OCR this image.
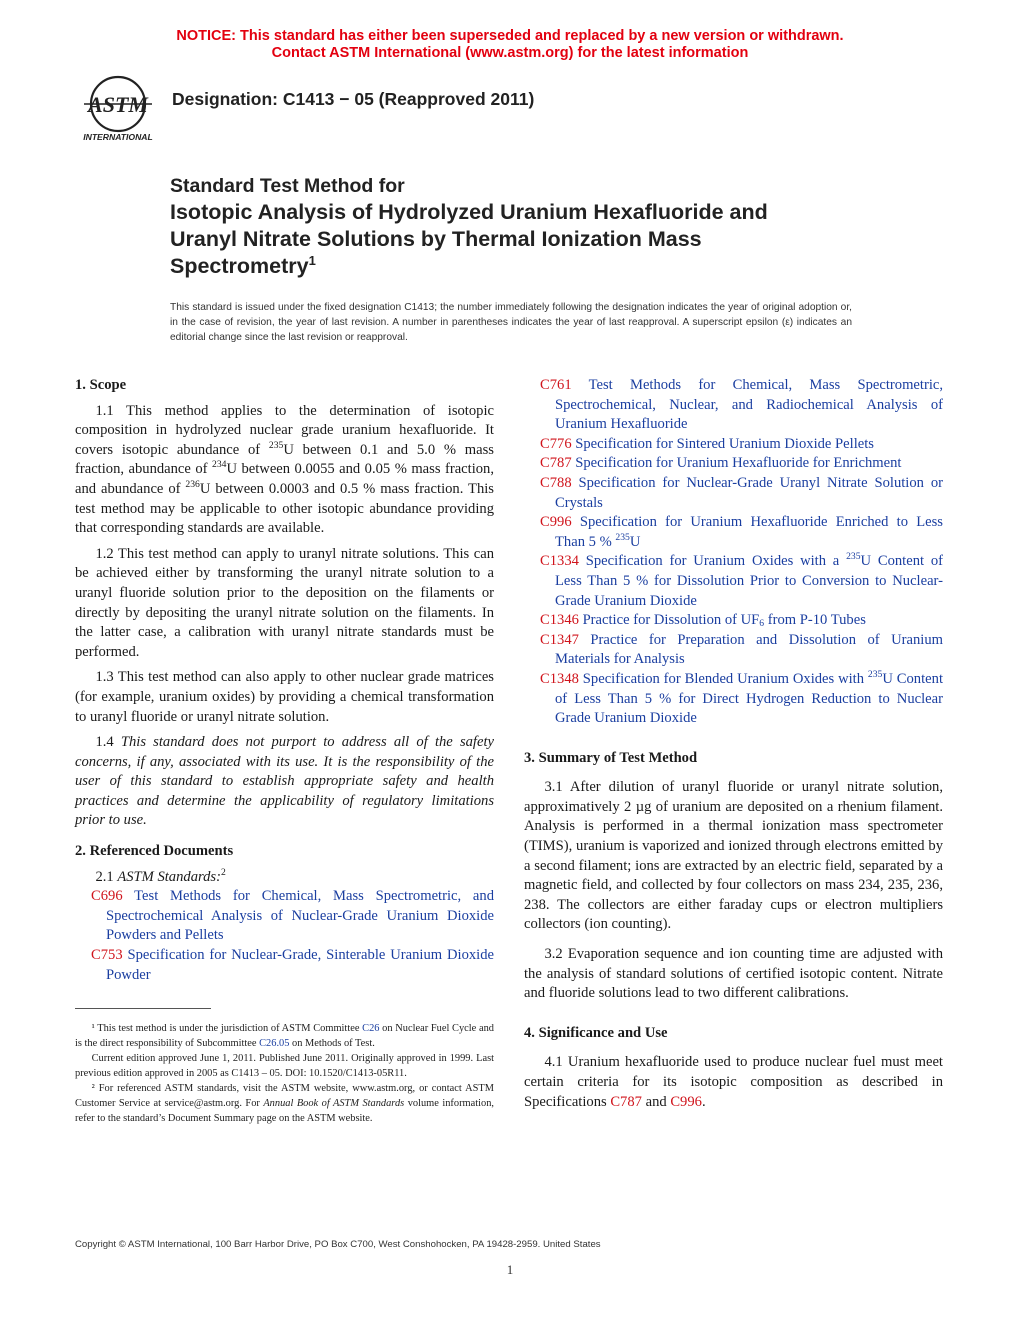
NOTICE: This standard has either been superseded and replaced by a new version or withdrawn.
Contact ASTM International (www.astm.org) for the latest information
ASTM
INTERNATIONAL
Designation: C1413 − 05 (Reapproved 2011)
Standard Test Method for
Isotopic Analysis of Hydrolyzed Uranium Hexafluoride and
Uranyl Nitrate Solutions by Thermal Ionization Mass
Spectrometry$^1$
This standard is issued under the fixed designation C1413; the number immediately following the designation indicates the year of original adoption or, in the case of revision, the year of last revision. A number in parentheses indicates the year of last reapproval. A superscript epsilon (ε) indicates an editorial change since the last revision or reapproval.

1. Scope

1.1 This method applies to the determination of isotopic composition in hydrolyzed nuclear grade uranium hexafluoride. It covers isotopic abundance of $^{235}$U between 0.1 and 5.0 % mass fraction, abundance of $^{234}$U between 0.0055 and 0.05 % mass fraction, and abundance of $^{236}$U between 0.0003 and 0.5 % mass fraction. This test method may be applicable to other isotopic abundance providing that corresponding standards are available.

1.2 This test method can apply to uranyl nitrate solutions. This can be achieved either by transforming the uranyl nitrate solution to a uranyl fluoride solution prior to the deposition on the filaments or directly by depositing the uranyl nitrate solution on the filaments. In the latter case, a calibration with uranyl nitrate standards must be performed.

1.3 This test method can also apply to other nuclear grade matrices (for example, uranium oxides) by providing a chemical transformation to uranyl fluoride or uranyl nitrate solution.

1.4 This standard does not purport to address all of the safety concerns, if any, associated with its use. It is the responsibility of the user of this standard to establish appropriate safety and health practices and determine the applicability of regulatory limitations prior to use.

2. Referenced Documents

2.1 ASTM Standards:$^2$

C696 Test Methods for Chemical, Mass Spectrometric, and Spectrochemical Analysis of Nuclear-Grade Uranium Dioxide Powders and Pellets

C753 Specification for Nuclear-Grade, Sinterable Uranium Dioxide Powder

¹ This test method is under the jurisdiction of ASTM Committee C26 on Nuclear Fuel Cycle and is the direct responsibility of Subcommittee C26.05 on Methods of Test.

Current edition approved June 1, 2011. Published June 2011. Originally approved in 1999. Last previous edition approved in 2005 as C1413 – 05. DOI: 10.1520/C1413-05R11.

² For referenced ASTM standards, visit the ASTM website, www.astm.org, or contact ASTM Customer Service at service@astm.org. For Annual Book of ASTM Standards volume information, refer to the standard’s Document Summary page on the ASTM website.

C761 Test Methods for Chemical, Mass Spectrometric, Spectrochemical, Nuclear, and Radiochemical Analysis of Uranium Hexafluoride

C776 Specification for Sintered Uranium Dioxide Pellets

C787 Specification for Uranium Hexafluoride for Enrichment

C788 Specification for Nuclear-Grade Uranyl Nitrate Solution or Crystals

C996 Specification for Uranium Hexafluoride Enriched to Less Than 5 % $^{235}$U

C1334 Specification for Uranium Oxides with a $^{235}$U Content of Less Than 5 % for Dissolution Prior to Conversion to Nuclear-Grade Uranium Dioxide

C1346 Practice for Dissolution of $UF_6$ from P-10 Tubes

C1347 Practice for Preparation and Dissolution of Uranium Materials for Analysis

C1348 Specification for Blended Uranium Oxides with $^{235}$U Content of Less Than 5 % for Direct Hydrogen Reduction to Nuclear Grade Uranium Dioxide

3. Summary of Test Method

3.1 After dilution of uranyl fluoride or uranyl nitrate solution, approximatively 2 µg of uranium are deposited on a rhenium filament. Analysis is performed in a thermal ionization mass spectrometer (TIMS), uranium is vaporized and ionized through electrons emitted by a second filament; ions are extracted by an electric field, separated by a magnetic field, and collected by four collectors on mass 234, 235, 236, 238. The collectors are either faraday cups or electron multipliers collectors (ion counting).

3.2 Evaporation sequence and ion counting time are adjusted with the analysis of standard solutions of certified isotopic content. Nitrate and fluoride solutions lead to two different calibrations.

4. Significance and Use

4.1 Uranium hexafluoride used to produce nuclear fuel must meet certain criteria for its isotopic composition as described in Specifications C787 and C996.

Copyright © ASTM International, 100 Barr Harbor Drive, PO Box C700, West Conshohocken, PA 19428-2959. United States
1
